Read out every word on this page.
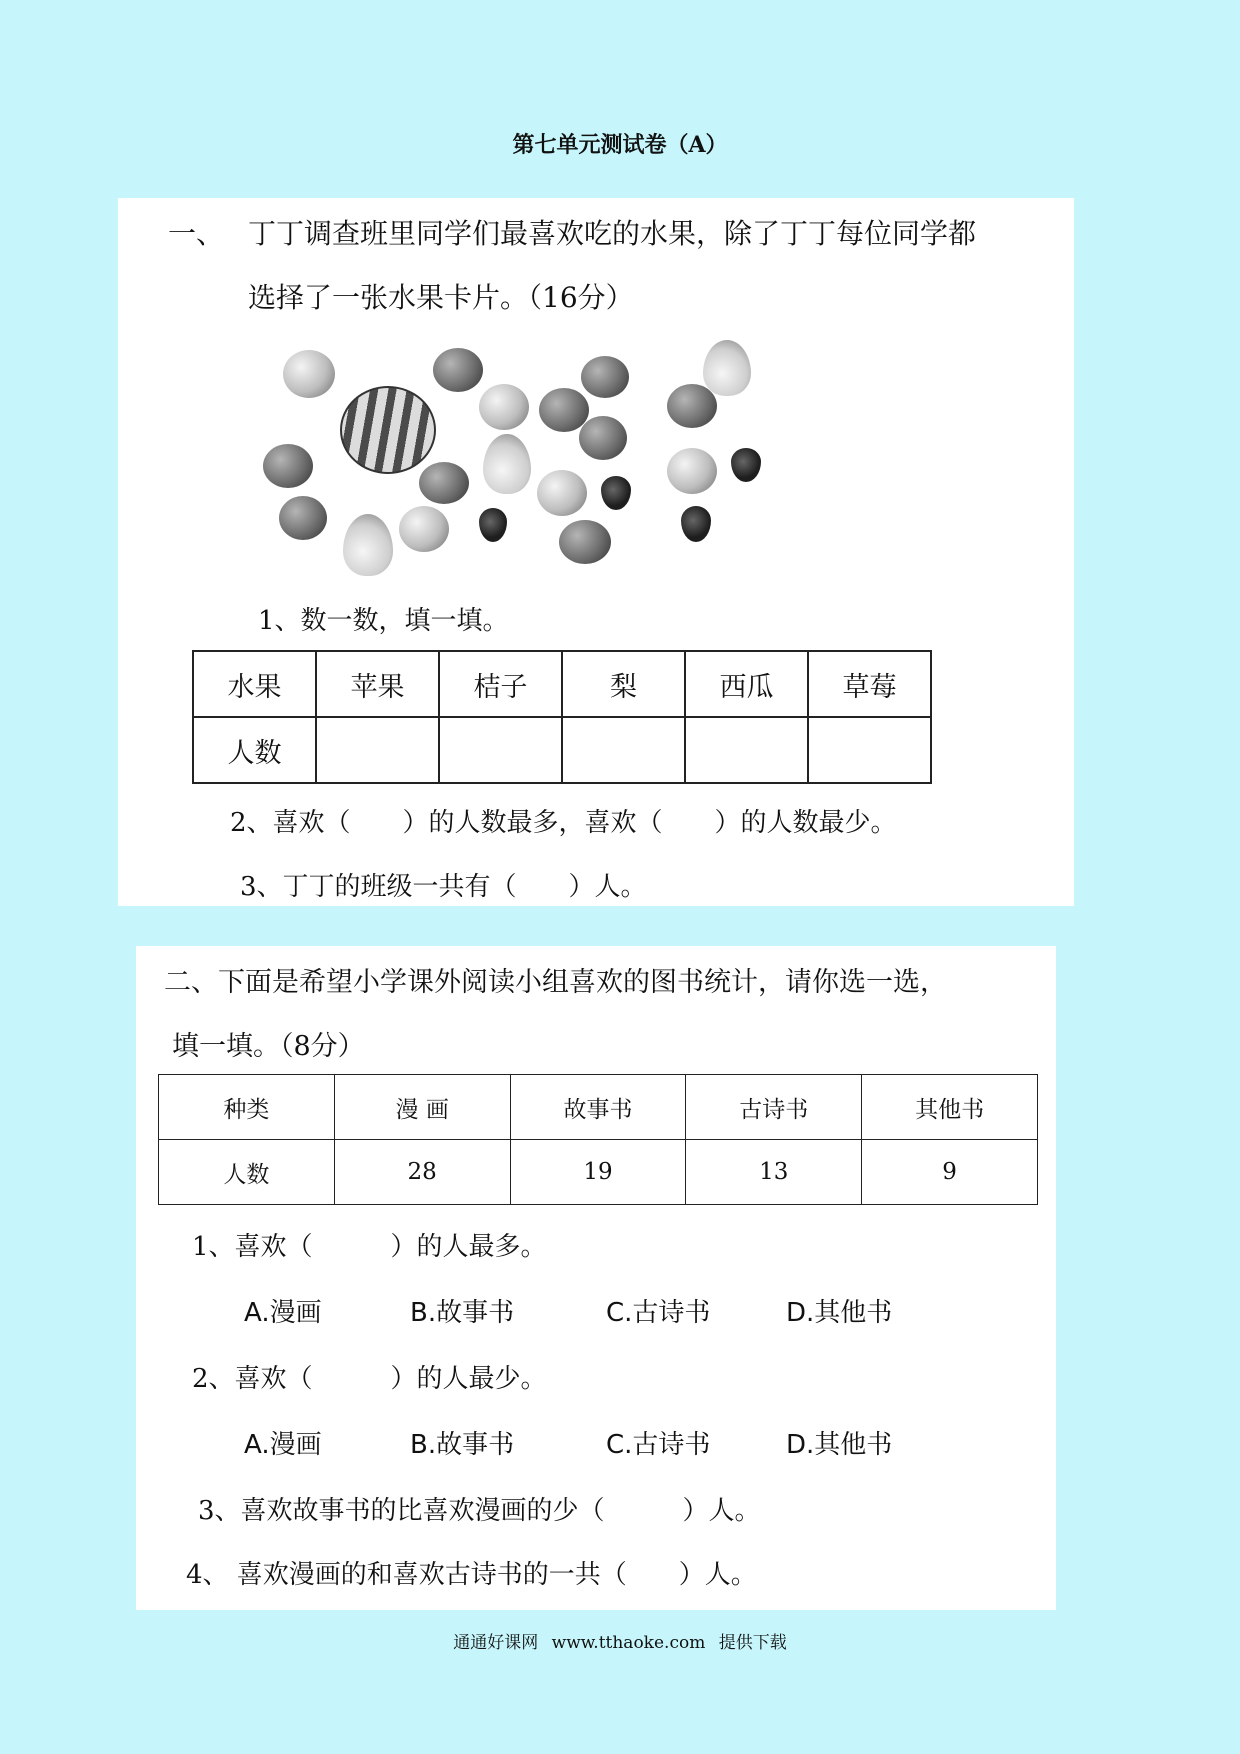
第七单元测试卷（A）
一、 丁丁调查班里同学们最喜欢吃的水果，除了丁丁每位同学都
选择了一张水果卡片。（16分）
1、数一数，填一填。
水果	苹果	桔子	梨	西瓜	草莓
人数					
2、喜欢（　　）的人数最多，喜欢（　　）的人数最少。
3、丁丁的班级一共有（　　）人。
二、下面是希望小学课外阅读小组喜欢的图书统计，请你选一选，
填一填。（8分）
种类	漫 画	故事书	古诗书	其他书
人数	28	19	13	9
1、喜欢（　　　）的人最多。
A.漫画	B.故事书	C.古诗书	D.其他书
2、喜欢（　　　）的人最少。
A.漫画	B.故事书	C.古诗书	D.其他书
3、喜欢故事书的比喜欢漫画的少（　　　）人。
4、 喜欢漫画的和喜欢古诗书的一共（　　）人。
通通好课网 www.tthaoke.com 提供下载
